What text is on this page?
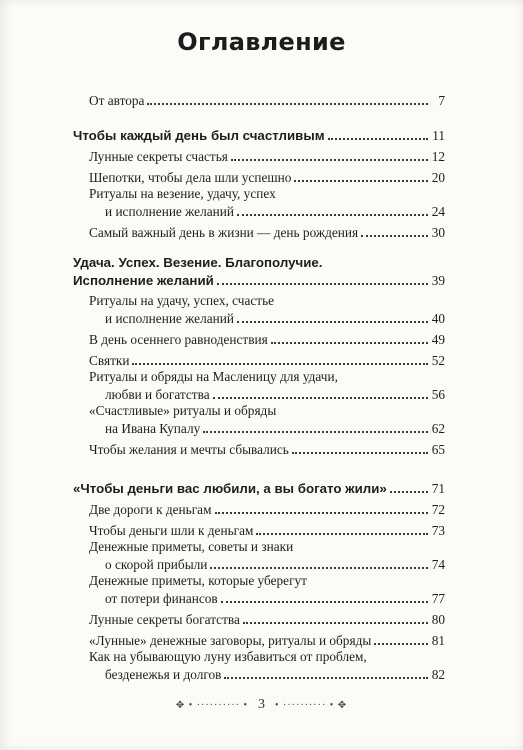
Оглавление
От автора	7
Чтобы каждый день был счастливым	11
Лунные секреты счастья	12
Шепотки, чтобы дела шли успешно	20
Ритуалы на везение, удачу, успех
и исполнение желаний	24
Самый важный день в жизни — день рождения	30
Удача. Успех. Везение. Благополучие.
Исполнение желаний	39
Ритуалы на удачу, успех, счастье
и исполнение желаний	40
В день осеннего равноденствия	49
Святки	52
Ритуалы и обряды на Масленицу для удачи,
любви и богатства	56
«Счастливые» ритуалы и обряды
на Ивана Купалу	62
Чтобы желания и мечты сбывались	65
«Чтобы деньги вас любили, а вы богато жили»	71
Две дороги к деньгам	72
Чтобы деньги шли к деньгам	73
Денежные приметы, советы и знаки
о скорой прибыли	74
Денежные приметы, которые уберегут
от потери финансов	77
Лунные секреты богатства	80
«Лунные» денежные заговоры, ритуалы и обряды	81
Как на убывающую луну избавиться от проблем,
безденежья и долгов	82
✥ • ·········· • 3 • ·········· • ✥
